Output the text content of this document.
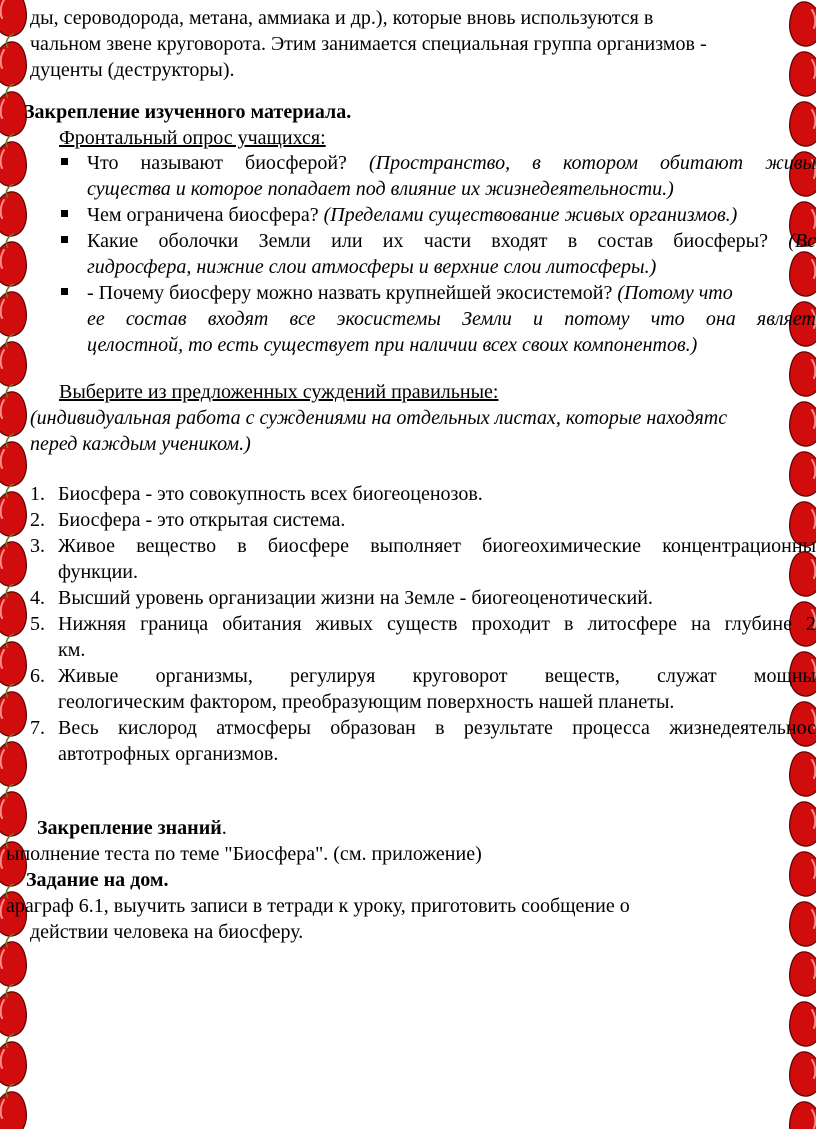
ды, сероводорода, метана, аммиака и др.), которые вновь используются в
чальном звене круговорота. Этим занимается специальная группа организмов -
дуценты (деструкторы).
Закрепление изученного материала.
Фронтальный опрос учащихся:
Что называют биосферой? (Пространство, в котором обитают живы
существа и которое попадает под влияние их жизнедеятельности.)
Чем ограничена биосфера? (Пределами существование живых организмов.)
Какие оболочки Земли или их части входят в состав биосферы? (Вс
гидросфера, нижние слои атмосферы и верхние слои литосферы.)
- Почему биосферу можно назвать крупнейшей экосистемой? (Потому что
ее состав входят все экосистемы Земли и потому что она являет
целостной, то есть существует при наличии всех своих компонентов.)
Выберите из предложенных суждений правильные:
(индивидуальная работа с суждениями на отдельных листах, которые находятс
перед каждым учеником.)
1. Биосфера - это совокупность всех биогеоценозов.
2. Биосфера - это открытая система.
3. Живое вещество в биосфере выполняет биогеохимические концентрационны
функции.
4. Высший уровень организации жизни на Земле - биогеоценотический.
5. Нижняя граница обитания живых существ проходит в литосфере на глубине 2
км.
6. Живые организмы, регулируя круговорот веществ, служат мощны
геологическим фактором, преобразующим поверхность нашей планеты.
7. Весь кислород атмосферы образован в результате процесса жизнедеятельнос
автотрофных организмов.
Закрепление знаний.
ыполнение теста по теме "Биосфера". (см. приложение)
Задание на дом.
араграф 6.1, выучить записи в тетради к уроку, приготовить сообщение о
действии человека на биосферу.
